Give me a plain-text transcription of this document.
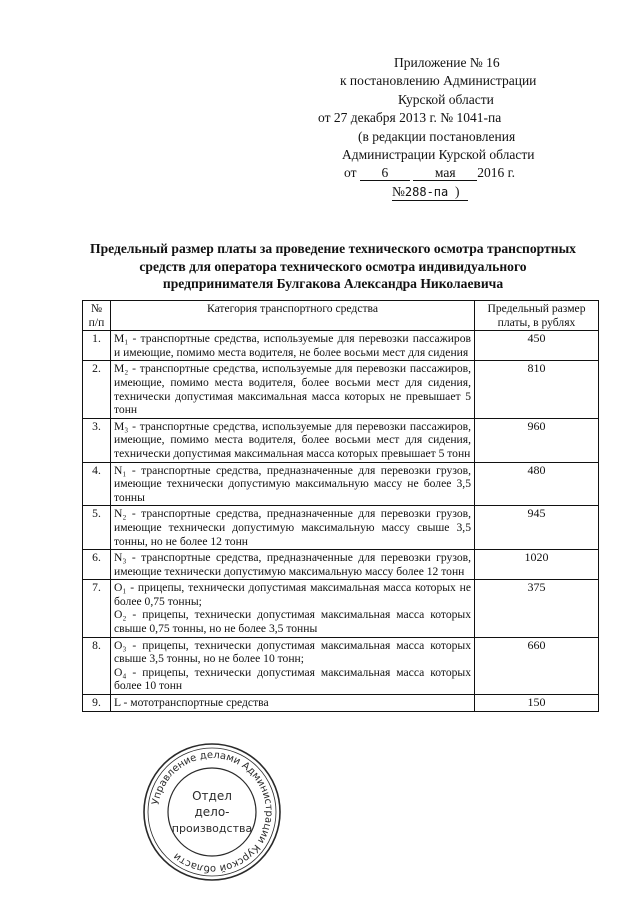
Приложение № 16
к постановлению Администрации
Курской области
от 27 декабря 2013 г. № 1041-па
(в редакции постановления
Администрации Курской области
от 6	мая 2016 г.
№288-па )
Предельный размер платы за проведение технического осмотра транспортных средств для оператора технического осмотра индивидуального предпринимателя Булгакова Александра Николаевича
№ п/п	Категория транспортного средства	Предельный размер платы, в рублях
1.	M₁ - транспортные средства, используемые для перевозки пассажиров и имеющие, помимо места водителя, не более восьми мест для сидения	450
2.	M₂ - транспортные средства, используемые для перевозки пассажиров, имеющие, помимо места водителя, более восьми мест для сидения, технически допустимая максимальная масса которых не превышает 5 тонн	810
3.	M₃ - транспортные средства, используемые для перевозки пассажиров, имеющие, помимо места водителя, более восьми мест для сидения, технически допустимая максимальная масса которых превышает 5 тонн	960
4.	N₁ - транспортные средства, предназначенные для перевозки грузов, имеющие технически допустимую максимальную массу не более 3,5 тонны	480
5.	N₂ - транспортные средства, предназначенные для перевозки грузов, имеющие технически допустимую максимальную массу свыше 3,5 тонны, но не более 12 тонн	945
6.	N₃ - транспортные средства, предназначенные для перевозки грузов, имеющие технически допустимую максимальную массу более 12 тонн	1020
7.	O₁ - прицепы, технически допустимая максимальная масса которых не более 0,75 тонны;
O₂ - прицепы, технически допустимая максимальная масса которых свыше 0,75 тонны, но не более 3,5 тонны	375
8.	O₃ - прицепы, технически допустимая максимальная масса которых свыше 3,5 тонны, но не более 10 тонн;
O₄ - прицепы, технически допустимая максимальная масса которых более 10 тонн	660
9.	L - мототранспортные средства	150
Управление делами Администрации Курской области
Отдел
дело-
производства
